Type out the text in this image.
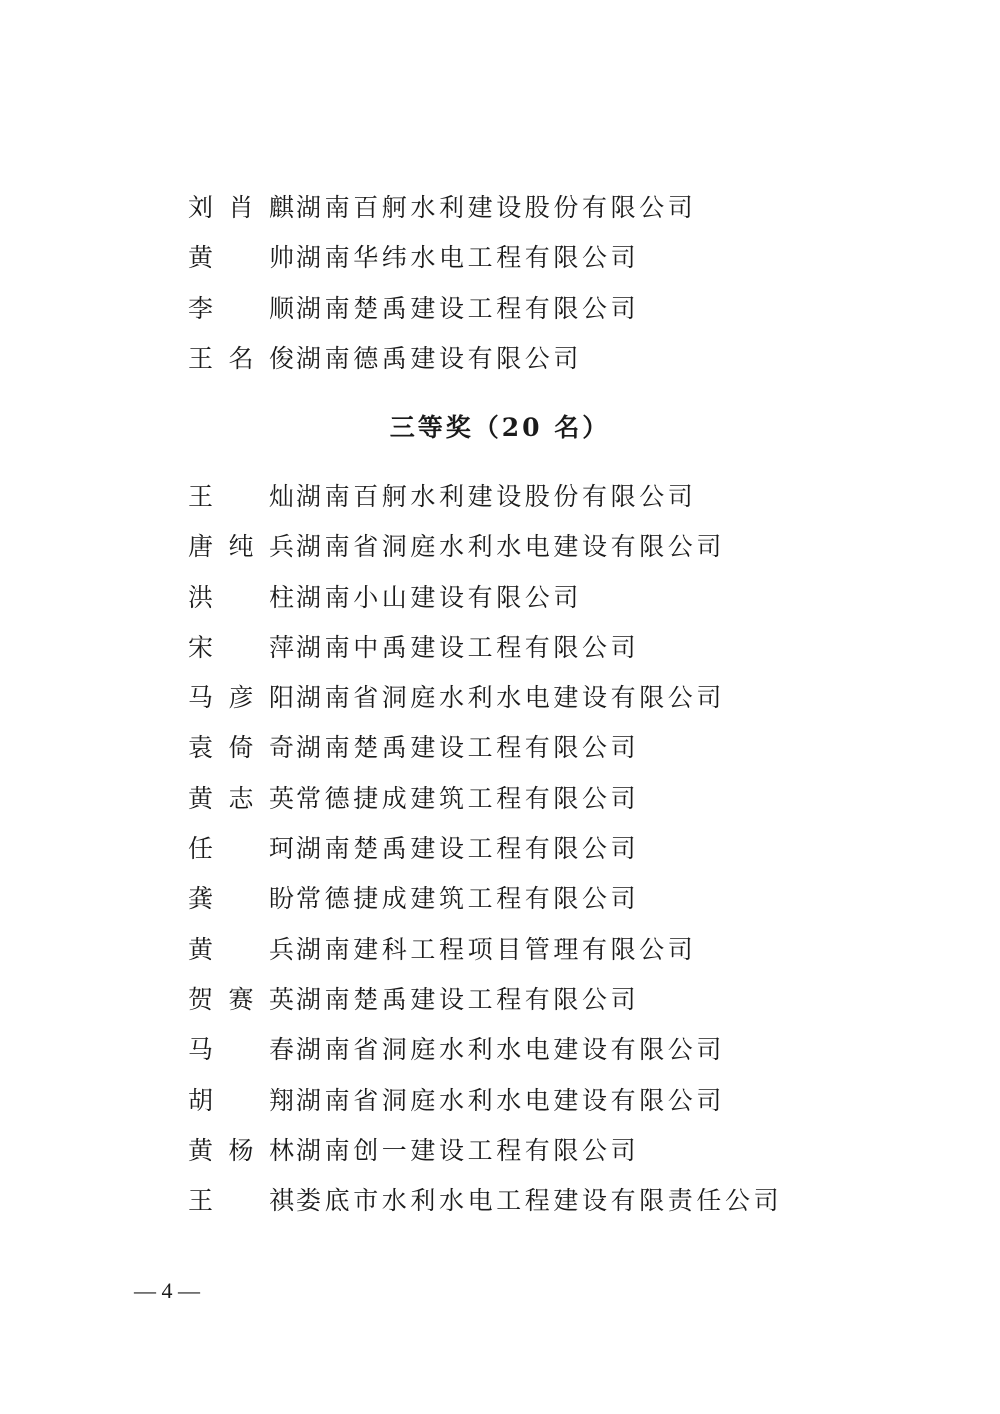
刘肖麒 湖南百舸水利建设股份有限公司
黄　帅 湖南华纬水电工程有限公司
李　顺 湖南楚禹建设工程有限公司
王名俊 湖南德禹建设有限公司
三等奖（20 名）
王　灿 湖南百舸水利建设股份有限公司
唐纯兵 湖南省洞庭水利水电建设有限公司
洪　柱 湖南小山建设有限公司
宋　萍 湖南中禹建设工程有限公司
马彦阳 湖南省洞庭水利水电建设有限公司
袁倚奇 湖南楚禹建设工程有限公司
黄志英 常德捷成建筑工程有限公司
任　珂 湖南楚禹建设工程有限公司
龚　盼 常德捷成建筑工程有限公司
黄　兵 湖南建科工程项目管理有限公司
贺赛英 湖南楚禹建设工程有限公司
马　春 湖南省洞庭水利水电建设有限公司
胡　翔 湖南省洞庭水利水电建设有限公司
黄杨林 湖南创一建设工程有限公司
王　祺 娄底市水利水电工程建设有限责任公司
— 4 —
